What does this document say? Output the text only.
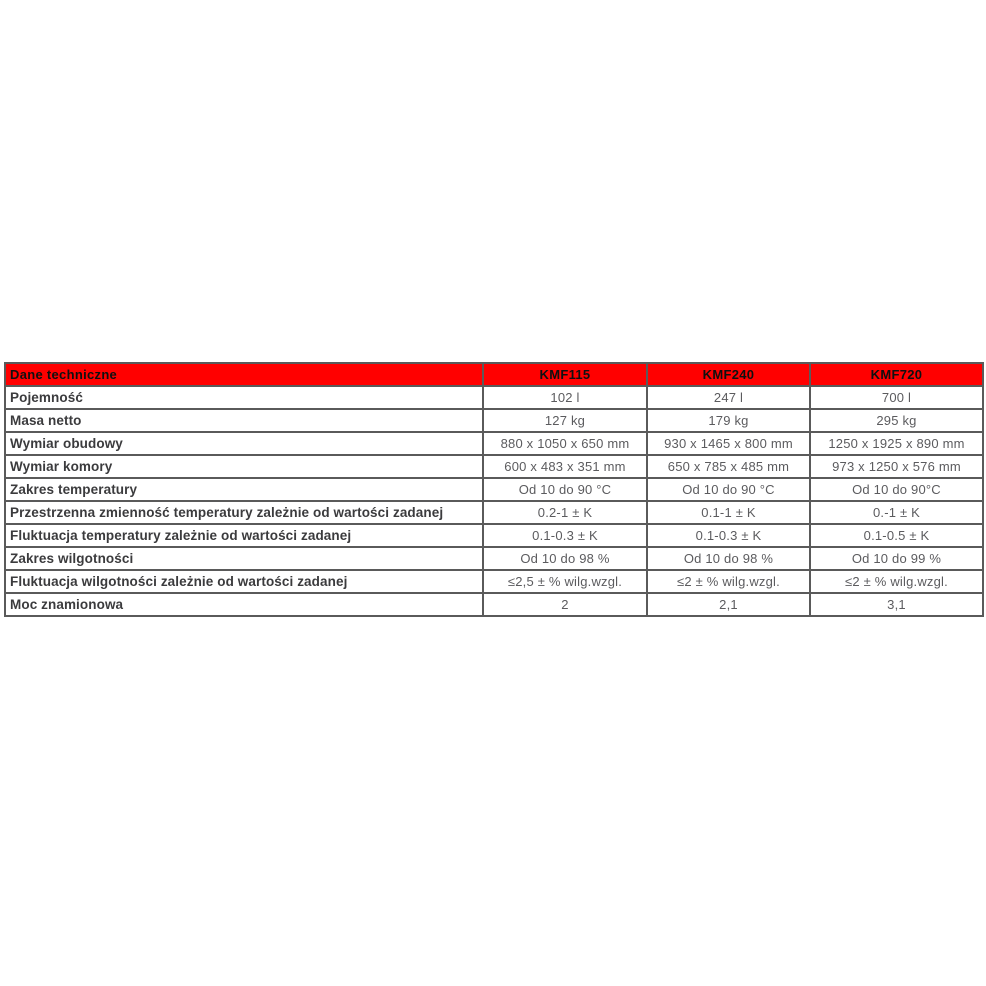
Dane techniczne	KMF115	KMF240	KMF720
Pojemność	102 l	247 l	700 l
Masa netto	127 kg	179 kg	295 kg
Wymiar obudowy	880 x 1050 x 650 mm	930 x 1465 x 800 mm	1250 x 1925 x 890 mm
Wymiar komory	600 x 483 x 351 mm	650 x 785 x 485 mm	973 x 1250 x 576 mm
Zakres temperatury	Od 10 do 90 °C	Od 10 do 90 °C	Od 10 do 90°C
Przestrzenna zmienność temperatury zależnie od wartości zadanej	0.2-1 ± K	0.1-1 ± K	0.-1 ± K
Fluktuacja temperatury zależnie od wartości zadanej	0.1-0.3 ± K	0.1-0.3 ± K	0.1-0.5 ± K
Zakres wilgotności	Od 10 do 98 %	Od 10 do 98 %	Od 10 do 99 %
Fluktuacja wilgotności zależnie od wartości zadanej	≤2,5 ± % wilg.wzgl.	≤2 ± % wilg.wzgl.	≤2 ± % wilg.wzgl.
Moc znamionowa	2	2,1	3,1
